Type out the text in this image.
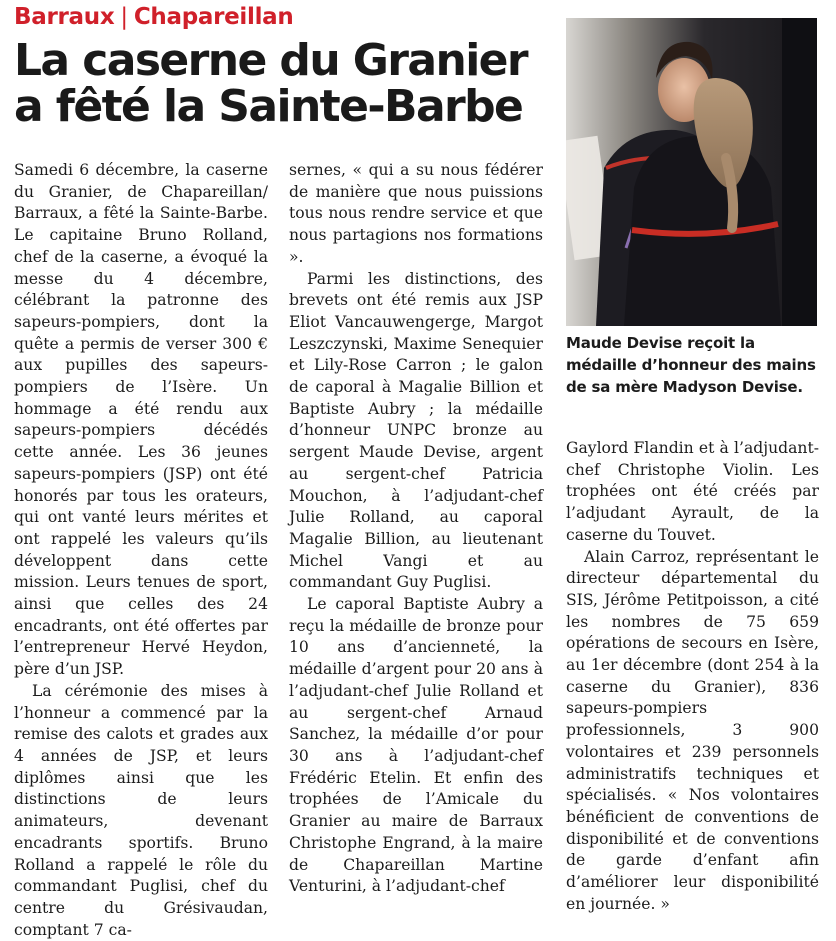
Barraux | Chapareillan
La caserne du Granier
a fêté la Sainte-Barbe

Samedi 6 décembre, la caserne du Granier, de Chapareillan/ Barraux, a fêté la Sainte-Barbe. Le capitaine Bruno Rolland, chef de la caserne, a évoqué la messe du 4 décembre, célébrant la patronne des sapeurs-pompiers, dont la quête a permis de verser 300 € aux pupilles des sapeurs-pompiers de l’Isère. Un hommage a été rendu aux sapeurs-pompiers décédés cette année. Les 36 jeunes sapeurs-pompiers (JSP) ont été honorés par tous les orateurs, qui ont vanté leurs mérites et ont rappelé les valeurs qu’ils développent dans cette mission. Leurs tenues de sport, ainsi que celles des 24 encadrants, ont été offertes par l’entrepreneur Hervé Heydon, père d’un JSP.

La cérémonie des mises à l’honneur a commencé par la remise des calots et grades aux 4 années de JSP, et leurs diplômes ainsi que les distinctions de leurs animateurs, devenant encadrants sportifs. Bruno Rolland a rappelé le rôle du commandant Puglisi, chef du centre du Grésivaudan, comptant 7 ca-

sernes, « qui a su nous fédérer de manière que nous puissions tous nous rendre service et que nous partagions nos formations ».

Parmi les distinctions, des brevets ont été remis aux JSP Eliot Vancauwengerge, Margot Leszczynski, Maxime Senequier et Lily-Rose Carron ; le galon de caporal à Magalie Billion et Baptiste Aubry ; la médaille d’honneur UNPC bronze au sergent Maude Devise, argent au sergent-chef Patricia Mouchon, à l’adjudant-chef Julie Rolland, au caporal Magalie Billion, au lieutenant Michel Vangi et au commandant Guy Puglisi.

Le caporal Baptiste Aubry a reçu la médaille de bronze pour 10 ans d’ancienneté, la médaille d’argent pour 20 ans à l’adjudant-chef Julie Rolland et au sergent-chef Arnaud Sanchez, la médaille d’or pour 30 ans à l’adjudant-chef Frédéric Etelin. Et enfin des trophées de l’Amicale du Granier au maire de Barraux Christophe Engrand, à la maire de Chapareillan Martine Venturini, à l’adjudant-chef

Maude Devise reçoit la médaille d’honneur des mains de sa mère Madyson Devise.

Gaylord Flandin et à l’adjudant-chef Christophe Violin. Les trophées ont été créés par l’adjudant Ayrault, de la caserne du Touvet.

Alain Carroz, représentant le directeur départemental du SIS, Jérôme Petitpoisson, a cité les nombres de 75 659 opérations de secours en Isère, au 1er décembre (dont 254 à la caserne du Granier), 836 sapeurs-pompiers professionnels, 3 900 volontaires et 239 personnels administratifs techniques et spécialisés. « Nos volontaires bénéficient de conventions de disponibilité et de conventions de garde d’enfant afin d’améliorer leur disponibilité en journée. »
